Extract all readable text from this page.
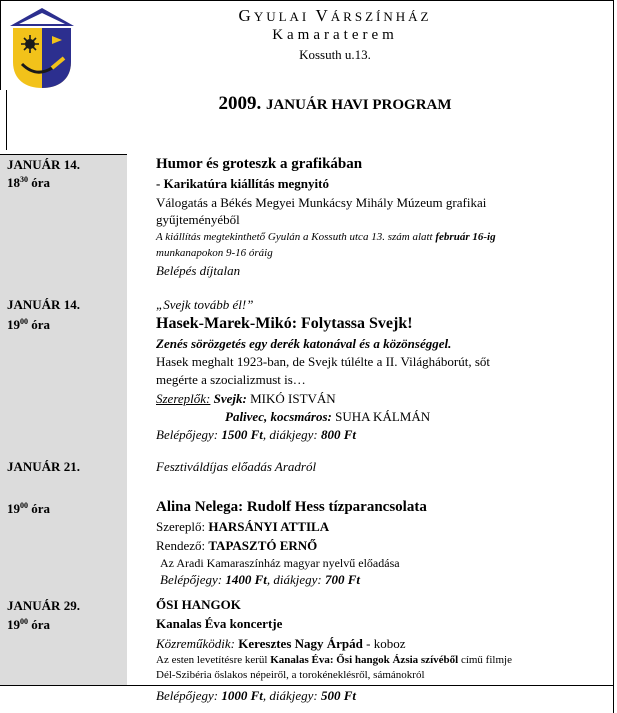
GYULAI VÁRSZÍNHÁZ
Kamaraterem
Kossuth u.13.
2009. JANUÁR HAVI PROGRAM
JANUÁR 14.
$18^{30}$ óra
Humor és groteszk a grafikában
- Karikatúra kiállítás megnyitó
Válogatás a Békés Megyei Munkácsy Mihály Múzeum grafikai
gyűjteményéből
A kiállítás megtekinthető Gyulán a Kossuth utca 13. szám alatt február 16-ig
munkanapokon 9-16 óráig
Belépés díjtalan
JANUÁR 14.
$19^{00}$ óra
„Svejk tovább él!”
Hasek-Marek-Mikó: Folytassa Svejk!
Zenés sörözgetés egy derék katonával és a közönséggel.
Hasek meghalt 1923-ban, de Svejk túlélte a II. Világháborút, sőt
megérte a szocializmust is…
Szereplők: Svejk: MIKÓ ISTVÁN
Palivec, kocsmáros: SUHA KÁLMÁN
Belépőjegy: 1500 Ft, diákjegy: 800 Ft
JANUÁR 21.	Fesztiváldíjas előadás Aradról
$19^{00}$ óra	Alina Nelega: Rudolf Hess tízparancsolata
Szereplő: HARSÁNYI ATTILA
Rendező: TAPASZTÓ ERNŐ
Az Aradi Kamaraszínház magyar nyelvű előadása
Belépőjegy: 1400 Ft, diákjegy: 700 Ft
JANUÁR 29.
$19^{00}$ óra
ŐSI HANGOK
Kanalas Éva koncertje
Közreműködik: Keresztes Nagy Árpád - koboz
Az esten levetítésre kerül Kanalas Éva: Ősi hangok Ázsia szívéből című filmje
Dél-Szibéria őslakos népeiről, a torokéneklésről, sámánokról
Belépőjegy: 1000 Ft, diákjegy: 500 Ft
